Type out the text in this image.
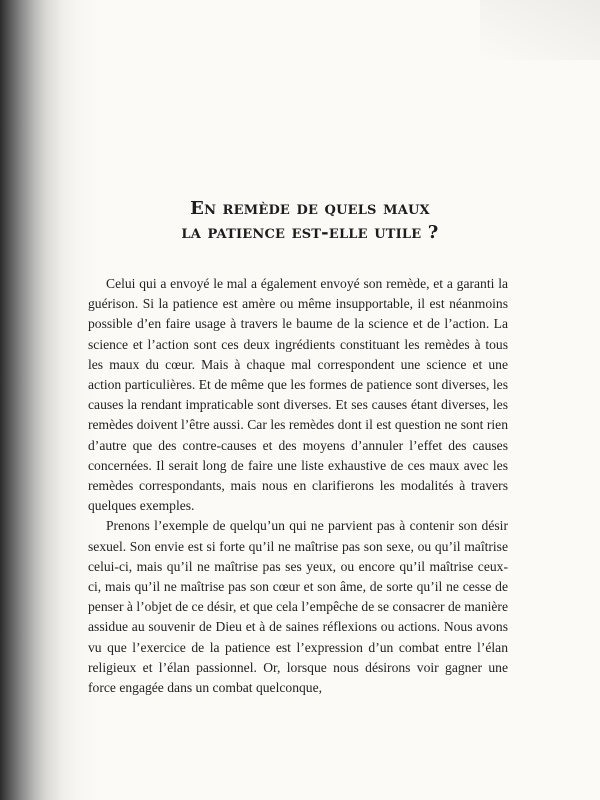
En remède de quels maux
la patience est-elle utile ?

Celui qui a envoyé le mal a également envoyé son remède, et a garanti la guérison. Si la patience est amère ou même insupportable, il est néanmoins possible d’en faire usage à travers le baume de la science et de l’action. La science et l’action sont ces deux ingrédients constituant les remèdes à tous les maux du cœur. Mais à chaque mal correspondent une science et une action particulières. Et de même que les formes de patience sont diverses, les causes la rendant impraticable sont diverses. Et ses causes étant diverses, les remèdes doivent l’être aussi. Car les remèdes dont il est question ne sont rien d’autre que des contre-causes et des moyens d’annuler l’effet des causes concernées. Il serait long de faire une liste exhaustive de ces maux avec les remèdes correspondants, mais nous en clarifierons les modalités à travers quelques exemples.

Prenons l’exemple de quelqu’un qui ne parvient pas à contenir son désir sexuel. Son envie est si forte qu’il ne maîtrise pas son sexe, ou qu’il maîtrise celui-ci, mais qu’il ne maîtrise pas ses yeux, ou encore qu’il maîtrise ceux-ci, mais qu’il ne maîtrise pas son cœur et son âme, de sorte qu’il ne cesse de penser à l’objet de ce désir, et que cela l’empêche de se consacrer de manière assidue au souvenir de Dieu et à de saines réflexions ou actions. Nous avons vu que l’exercice de la patience est l’expression d’un combat entre l’élan religieux et l’élan passionnel. Or, lorsque nous désirons voir gagner une force engagée dans un combat quelconque,
